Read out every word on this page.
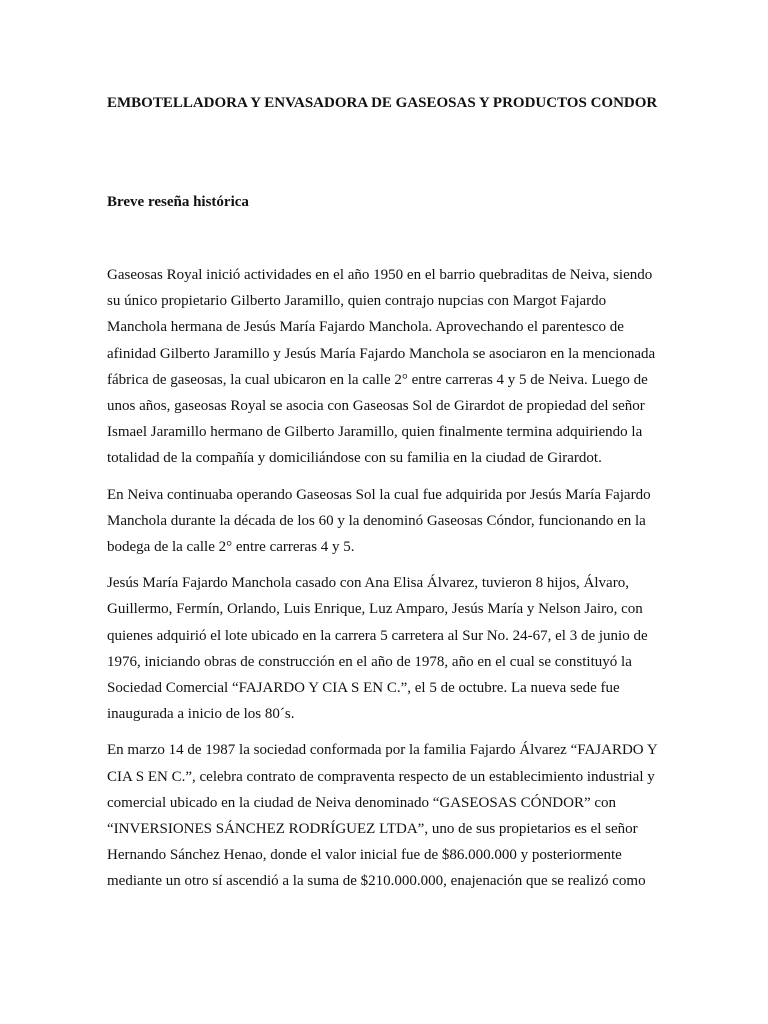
EMBOTELLADORA Y ENVASADORA DE GASEOSAS Y PRODUCTOS CONDOR
Breve reseña histórica

Gaseosas Royal inició actividades en el año 1950 en el barrio quebraditas de Neiva, siendo su único propietario Gilberto Jaramillo, quien contrajo nupcias con Margot Fajardo Manchola hermana de Jesús María Fajardo Manchola. Aprovechando el parentesco de afinidad Gilberto Jaramillo y Jesús María Fajardo Manchola se asociaron en la mencionada fábrica de gaseosas, la cual ubicaron en la calle 2° entre carreras 4 y 5 de Neiva. Luego de unos años, gaseosas Royal se asocia con Gaseosas Sol de Girardot de propiedad del señor Ismael Jaramillo hermano de Gilberto Jaramillo, quien finalmente termina adquiriendo la totalidad de la compañía y domiciliándose con su familia en la ciudad de Girardot.

En Neiva continuaba operando Gaseosas Sol la cual fue adquirida por Jesús María Fajardo Manchola durante la década de los 60 y la denominó Gaseosas Cóndor, funcionando en la bodega de la calle 2° entre carreras 4 y 5.

Jesús María Fajardo Manchola casado con Ana Elisa Álvarez, tuvieron 8 hijos, Álvaro, Guillermo, Fermín, Orlando, Luis Enrique, Luz Amparo, Jesús María y Nelson Jairo, con quienes adquirió el lote ubicado en la carrera 5 carretera al Sur No. 24-67, el 3 de junio de 1976, iniciando obras de construcción en el año de 1978, año en el cual se constituyó la Sociedad Comercial “FAJARDO Y CIA S EN C.”, el 5 de octubre. La nueva sede fue inaugurada a inicio de los 80´s.

En marzo 14 de 1987 la sociedad conformada por la familia Fajardo Álvarez “FAJARDO Y CIA S EN C.”, celebra contrato de compraventa respecto de un establecimiento industrial y comercial ubicado en la ciudad de Neiva denominado “GASEOSAS CÓNDOR” con “INVERSIONES SÁNCHEZ RODRÍGUEZ LTDA”, uno de sus propietarios es el señor Hernando Sánchez Henao, donde el valor inicial fue de $86.000.000 y posteriormente mediante un otro sí ascendió a la suma de $210.000.000, enajenación que se realizó como
